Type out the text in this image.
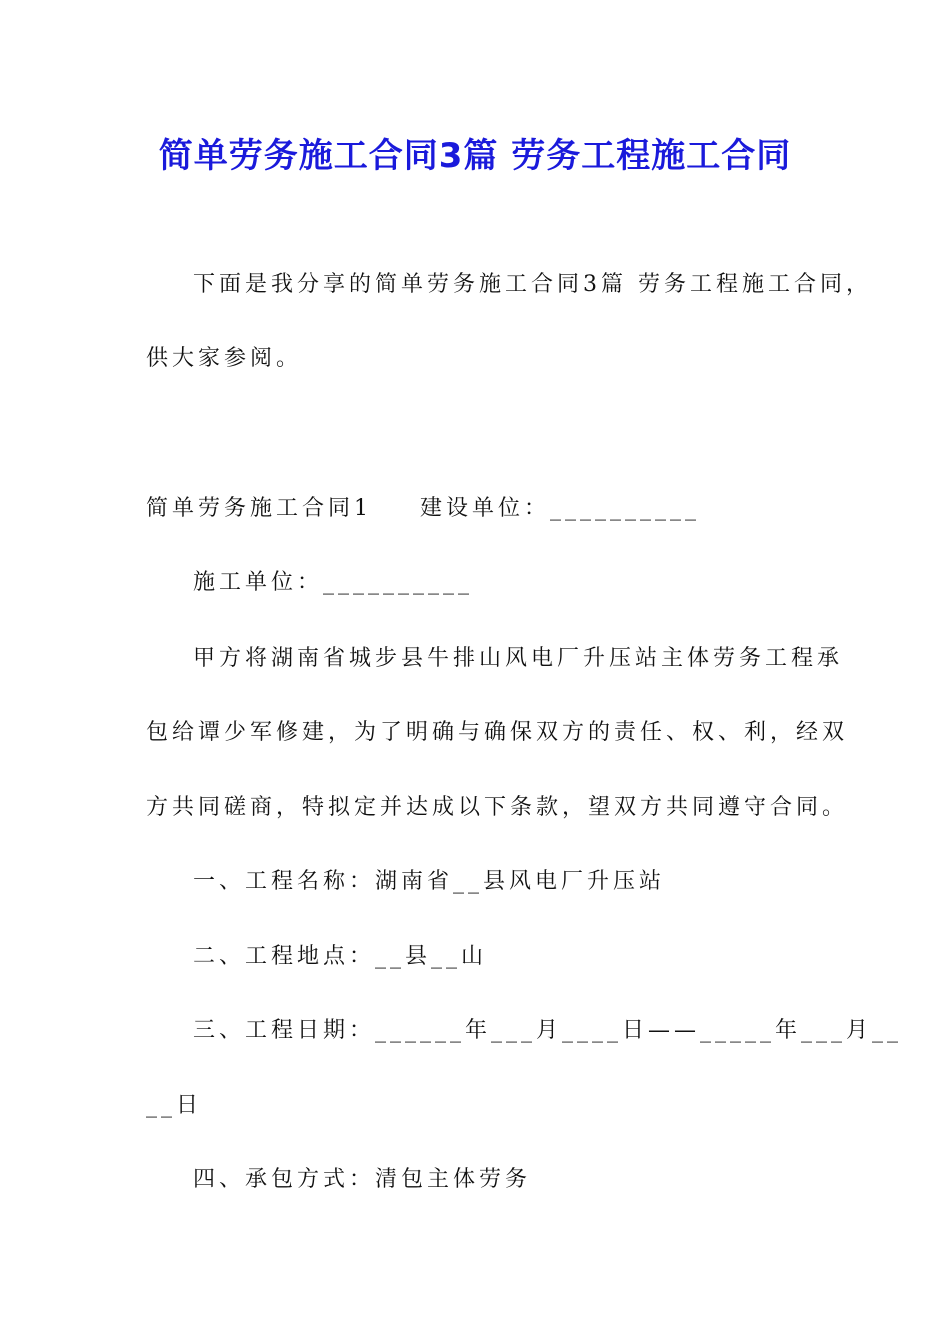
简单劳务施工合同3篇 劳务工程施工合同
下面是我分享的简单劳务施工合同3篇 劳务工程施工合同，
供大家参阅。
简单劳务施工合同1 建设单位：__________
施工单位：__________
甲方将湖南省城步县牛排山风电厂升压站主体劳务工程承
包给谭少军修建，为了明确与确保双方的责任、权、利，经双
方共同磋商，特拟定并达成以下条款，望双方共同遵守合同。
一、工程名称：湖南省__县风电厂升压站
二、工程地点：__县__山
三、工程日期：______年___月____日——_____年___月__
__日
四、承包方式：清包主体劳务
